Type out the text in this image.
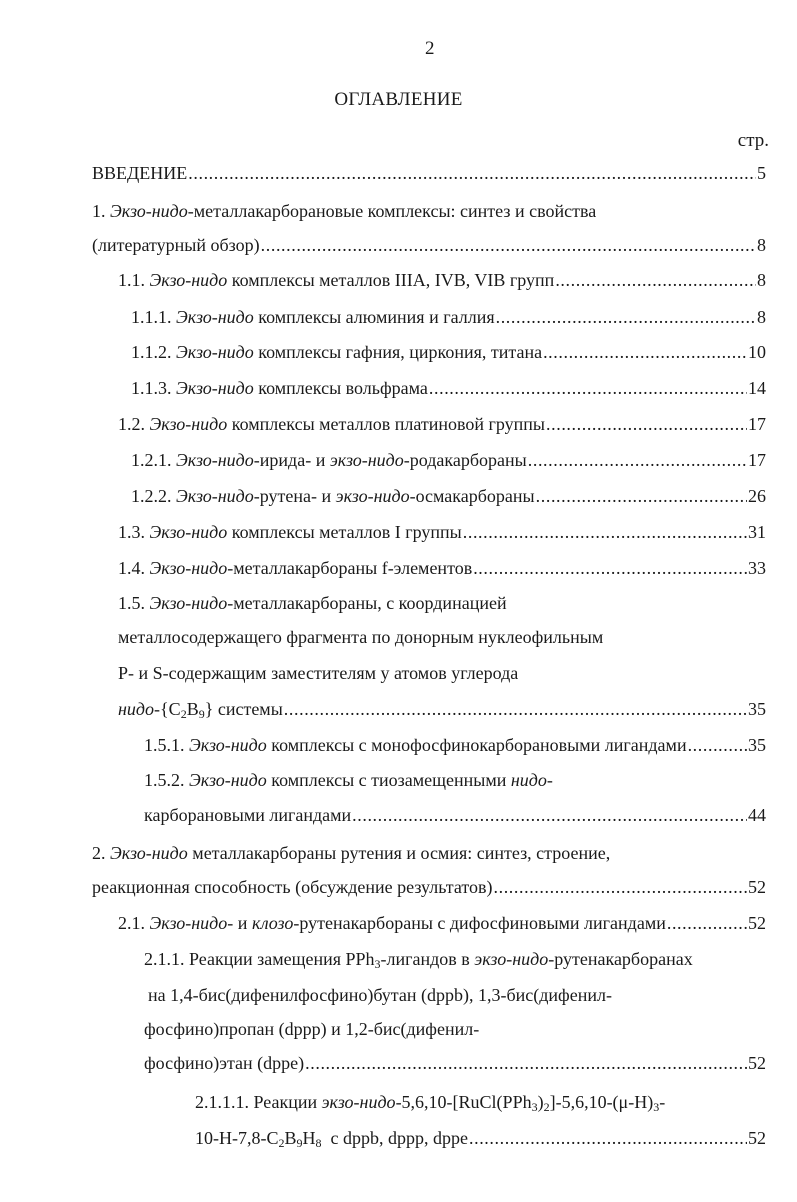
2
ОГЛАВЛЕНИЕ
стр.
ВВЕДЕНИЕ .....	5
1. Экзо-нидо-металлакарборановые комплексы: синтез и свойства
(литературный обзор) .....	8
1.1. Экзо-нидо комплексы металлов IIIA, IVB, VIB групп .....	8
1.1.1. Экзо-нидо комплексы алюминия и галлия .....	8
1.1.2. Экзо-нидо комплексы гафния, циркония, титана .....	10
1.1.3. Экзо-нидо комплексы вольфрама .....	14
1.2. Экзо-нидо комплексы металлов платиновой группы .....	17
1.2.1. Экзо-нидо-ирида- и экзо-нидо-родакарбораны .....	17
1.2.2. Экзо-нидо-рутена- и экзо-нидо-осмакарбораны .....	26
1.3. Экзо-нидо комплексы металлов I группы .....	31
1.4. Экзо-нидо-металлакарбораны f-элементов .....	33
1.5. Экзо-нидо-металлакарбораны, с координацией
металлосодержащего фрагмента по донорным нуклеофильным
P- и S-содержащим заместителям у атомов углерода
нидо-$\{C_2B_9\}$ системы .....	35
1.5.1. Экзо-нидо комплексы с монофосфинокарборановыми лигандами .....	35
1.5.2. Экзо-нидо комплексы с тиозамещенными нидо-
карборановыми лигандами .....	44
2. Экзо-нидо металлакарбораны рутения и осмия: синтез, строение,
реакционная способность (обсуждение результатов) .....	52
2.1. Экзо-нидо- и клозо-рутенакарбораны с дифосфиновыми лигандами .....	52
2.1.1. Реакции замещения PPh$_3$-лигандов в экзо-нидо-рутенакарборанах
на 1,4-бис(дифенилфосфино)бутан (dppb), 1,3-бис(дифенил-
фосфино)пропан (dppp) и 1,2-бис(дифенил-
фосфино)этан (dppe) .....	52
2.1.1.1. Реакции экзо-$нидо-5,6,10-[RuCl(PPh_3)_2]-5,6,10-(\mu-H)_3-$
$10-H-7,8-C_2B_9H_8$  с dppb, dppp, dppe .....	52
